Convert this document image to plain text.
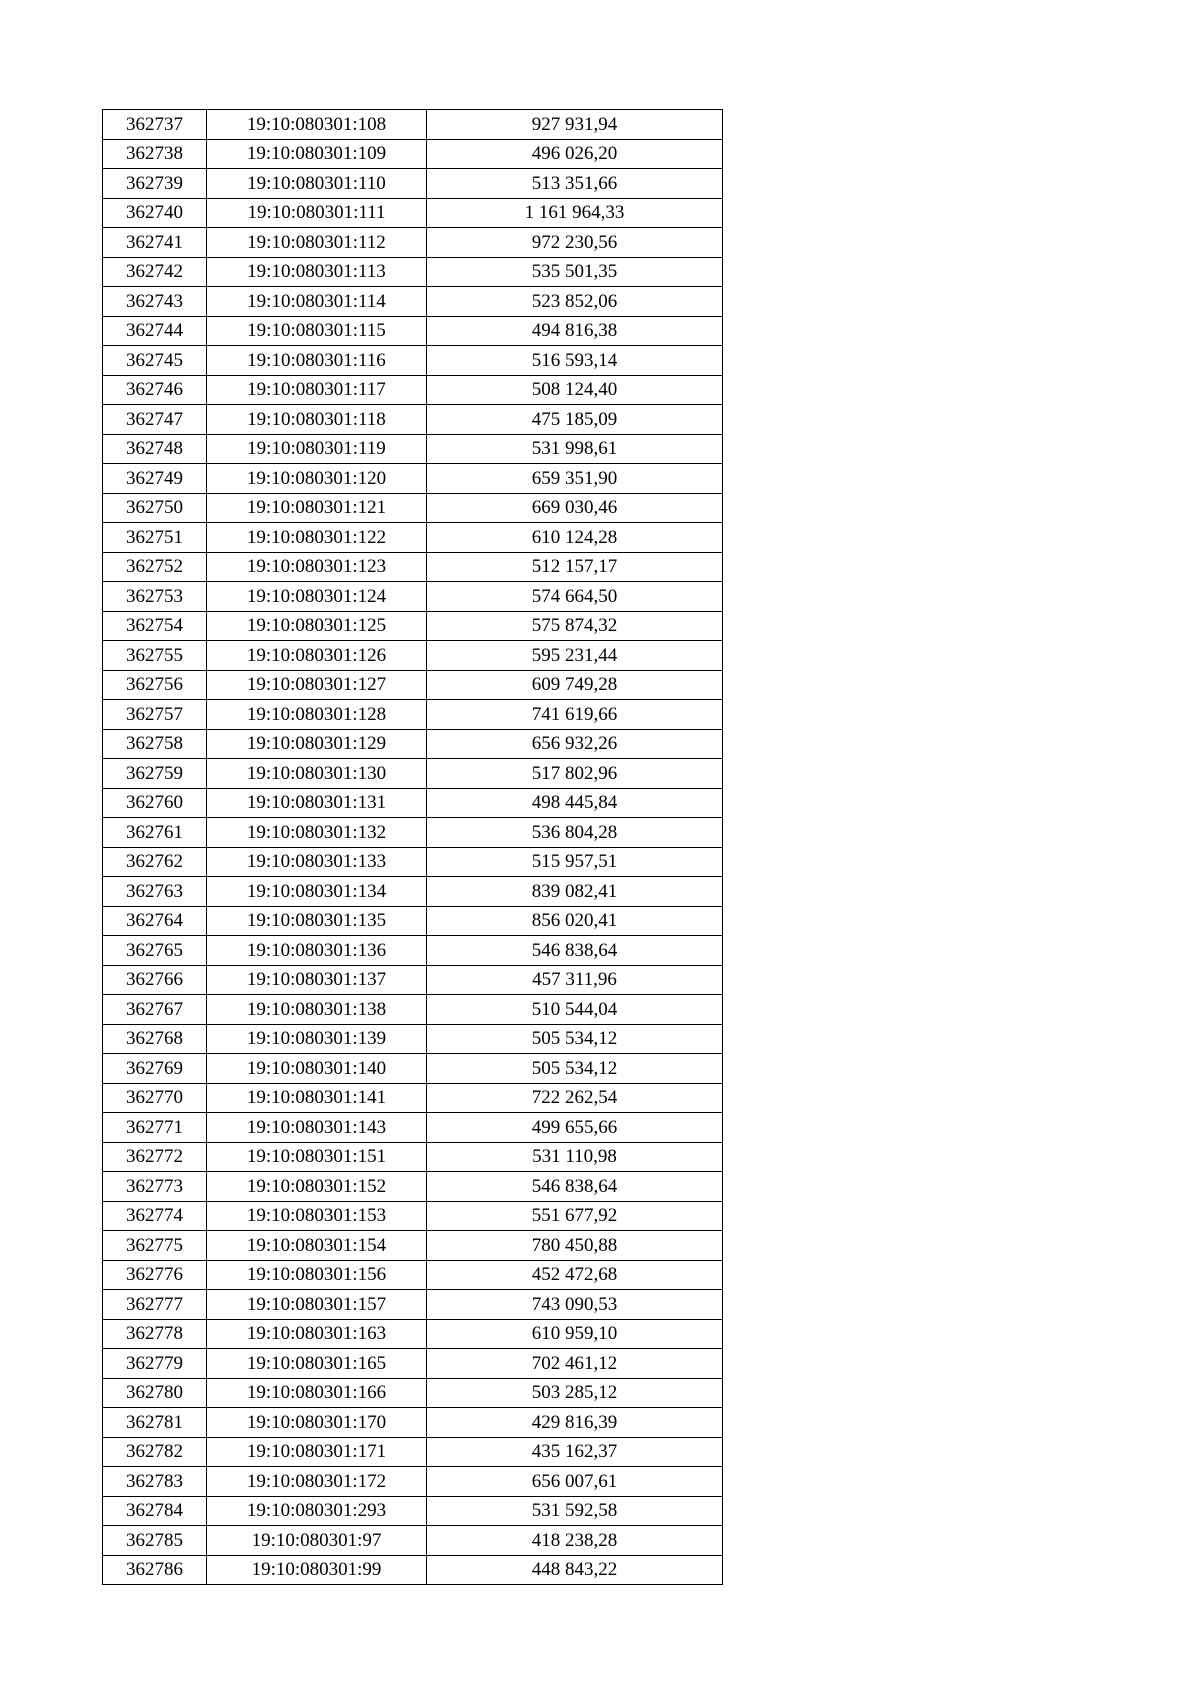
362737	19:10:080301:108	927 931,94
362738	19:10:080301:109	496 026,20
362739	19:10:080301:110	513 351,66
362740	19:10:080301:111	1 161 964,33
362741	19:10:080301:112	972 230,56
362742	19:10:080301:113	535 501,35
362743	19:10:080301:114	523 852,06
362744	19:10:080301:115	494 816,38
362745	19:10:080301:116	516 593,14
362746	19:10:080301:117	508 124,40
362747	19:10:080301:118	475 185,09
362748	19:10:080301:119	531 998,61
362749	19:10:080301:120	659 351,90
362750	19:10:080301:121	669 030,46
362751	19:10:080301:122	610 124,28
362752	19:10:080301:123	512 157,17
362753	19:10:080301:124	574 664,50
362754	19:10:080301:125	575 874,32
362755	19:10:080301:126	595 231,44
362756	19:10:080301:127	609 749,28
362757	19:10:080301:128	741 619,66
362758	19:10:080301:129	656 932,26
362759	19:10:080301:130	517 802,96
362760	19:10:080301:131	498 445,84
362761	19:10:080301:132	536 804,28
362762	19:10:080301:133	515 957,51
362763	19:10:080301:134	839 082,41
362764	19:10:080301:135	856 020,41
362765	19:10:080301:136	546 838,64
362766	19:10:080301:137	457 311,96
362767	19:10:080301:138	510 544,04
362768	19:10:080301:139	505 534,12
362769	19:10:080301:140	505 534,12
362770	19:10:080301:141	722 262,54
362771	19:10:080301:143	499 655,66
362772	19:10:080301:151	531 110,98
362773	19:10:080301:152	546 838,64
362774	19:10:080301:153	551 677,92
362775	19:10:080301:154	780 450,88
362776	19:10:080301:156	452 472,68
362777	19:10:080301:157	743 090,53
362778	19:10:080301:163	610 959,10
362779	19:10:080301:165	702 461,12
362780	19:10:080301:166	503 285,12
362781	19:10:080301:170	429 816,39
362782	19:10:080301:171	435 162,37
362783	19:10:080301:172	656 007,61
362784	19:10:080301:293	531 592,58
362785	19:10:080301:97	418 238,28
362786	19:10:080301:99	448 843,22
